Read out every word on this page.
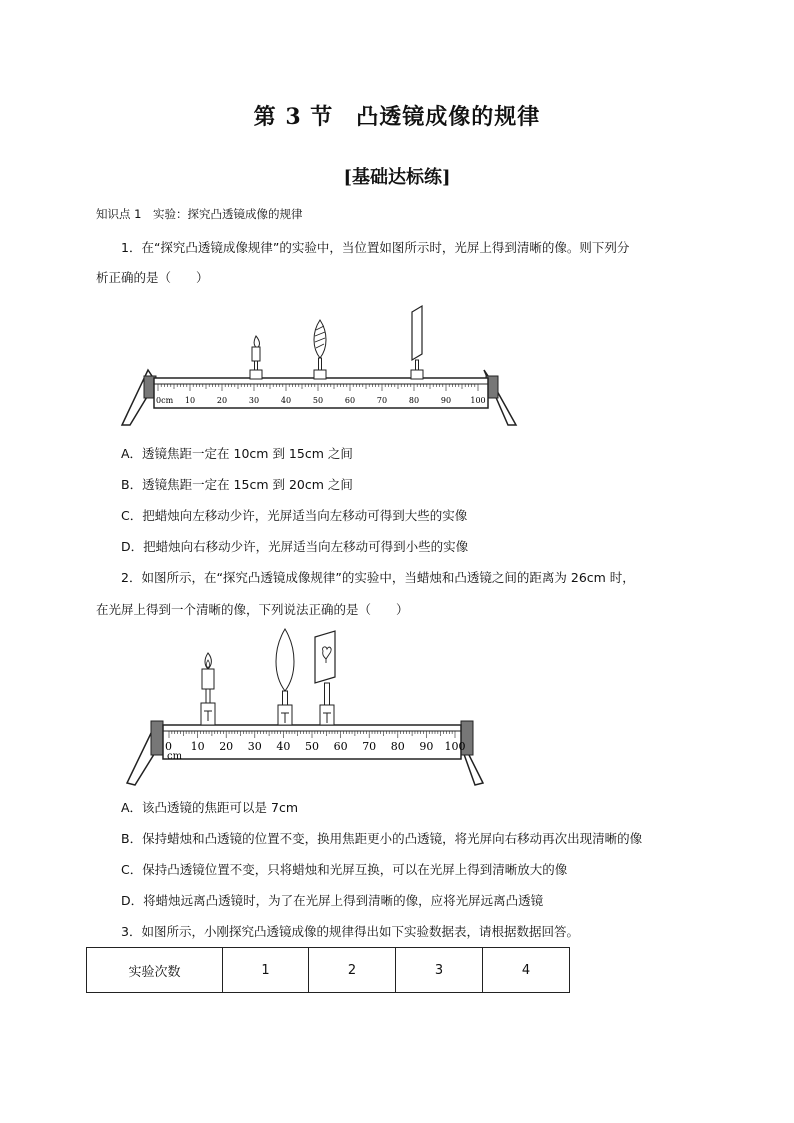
第 3 节　凸透镜成像的规律
[基础达标练]
知识点 1　实验：探究凸透镜成像的规律
1．在“探究凸透镜成像规律”的实验中，当位置如图所示时，光屏上得到清晰的像。则下列分
析正确的是（　　）
0cm 10	20	30	40	50	60	70	80	90 100
A．透镜焦距一定在 10cm 到 15cm 之间
B．透镜焦距一定在 15cm 到 20cm 之间
C．把蜡烛向左移动少许，光屏适当向左移动可得到大些的实像
D．把蜡烛向右移动少许，光屏适当向左移动可得到小些的实像
2．如图所示，在“探究凸透镜成像规律”的实验中，当蜡烛和凸透镜之间的距离为 26cm 时，
在光屏上得到一个清晰的像，下列说法正确的是（　　）
0
cm
10 20 30 40 50 60 70 80 90 100
A．该凸透镜的焦距可以是 7cm
B．保持蜡烛和凸透镜的位置不变，换用焦距更小的凸透镜，将光屏向右移动再次出现清晰的像
C．保持凸透镜位置不变，只将蜡烛和光屏互换，可以在光屏上得到清晰放大的像
D．将蜡烛远离凸透镜时，为了在光屏上得到清晰的像，应将光屏远离凸透镜
3．如图所示，小刚探究凸透镜成像的规律得出如下实验数据表，请根据数据回答。
实验次数	1	2	3	4
